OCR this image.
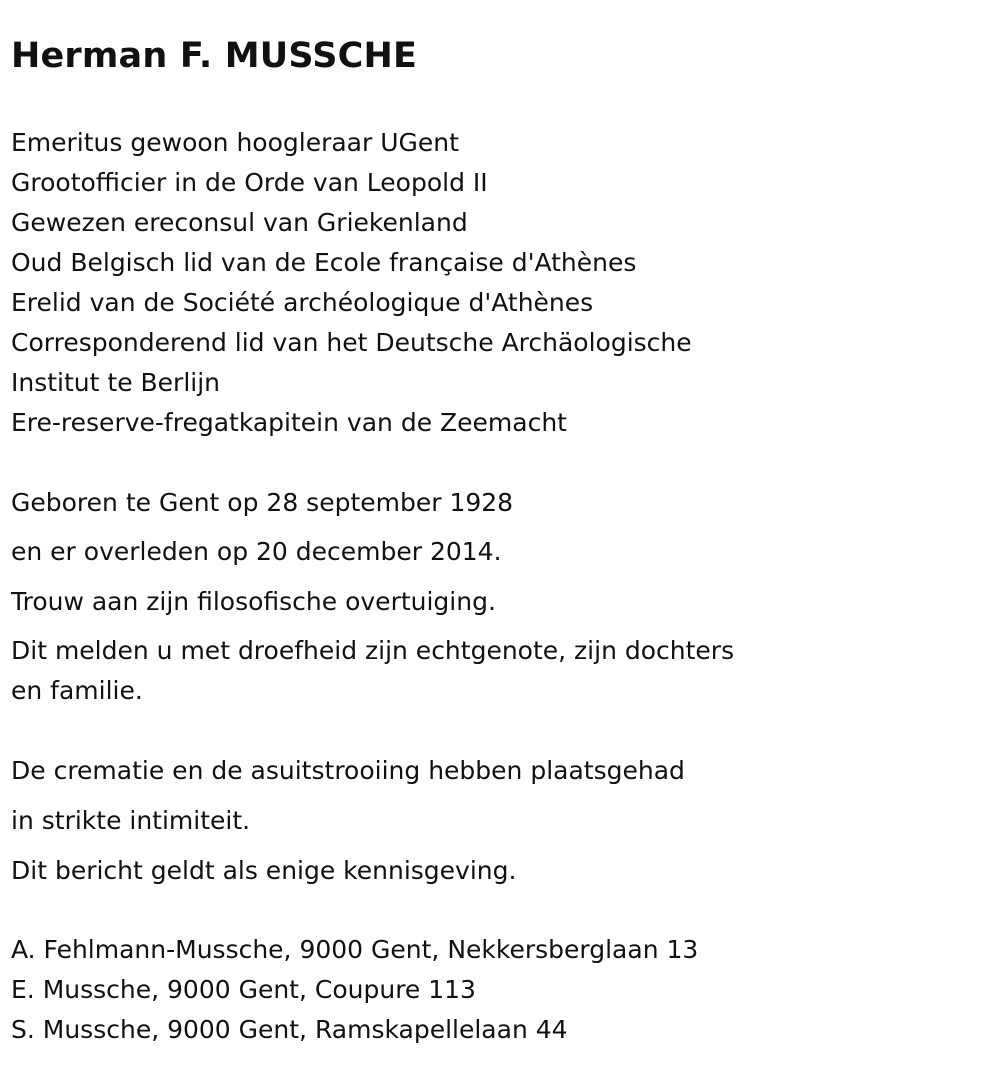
Herman F. MUSSCHE
Emeritus gewoon hoogleraar UGent
Grootofficier in de Orde van Leopold II
Gewezen ereconsul van Griekenland
Oud Belgisch lid van de Ecole française d'Athènes
Erelid van de Société archéologique d'Athènes
Corresponderend lid van het Deutsche Archäologische
Institut te Berlijn
Ere-reserve-fregatkapitein van de Zeemacht
Geboren te Gent op 28 september 1928
en er overleden op 20 december 2014.
Trouw aan zijn filosofische overtuiging.
Dit melden u met droefheid zijn echtgenote, zijn dochters
en familie.
De crematie en de asuitstrooiing hebben plaatsgehad
in strikte intimiteit.
Dit bericht geldt als enige kennisgeving.
A. Fehlmann-Mussche, 9000 Gent, Nekkersberglaan 13
E. Mussche, 9000 Gent, Coupure 113
S. Mussche, 9000 Gent, Ramskapellelaan 44
